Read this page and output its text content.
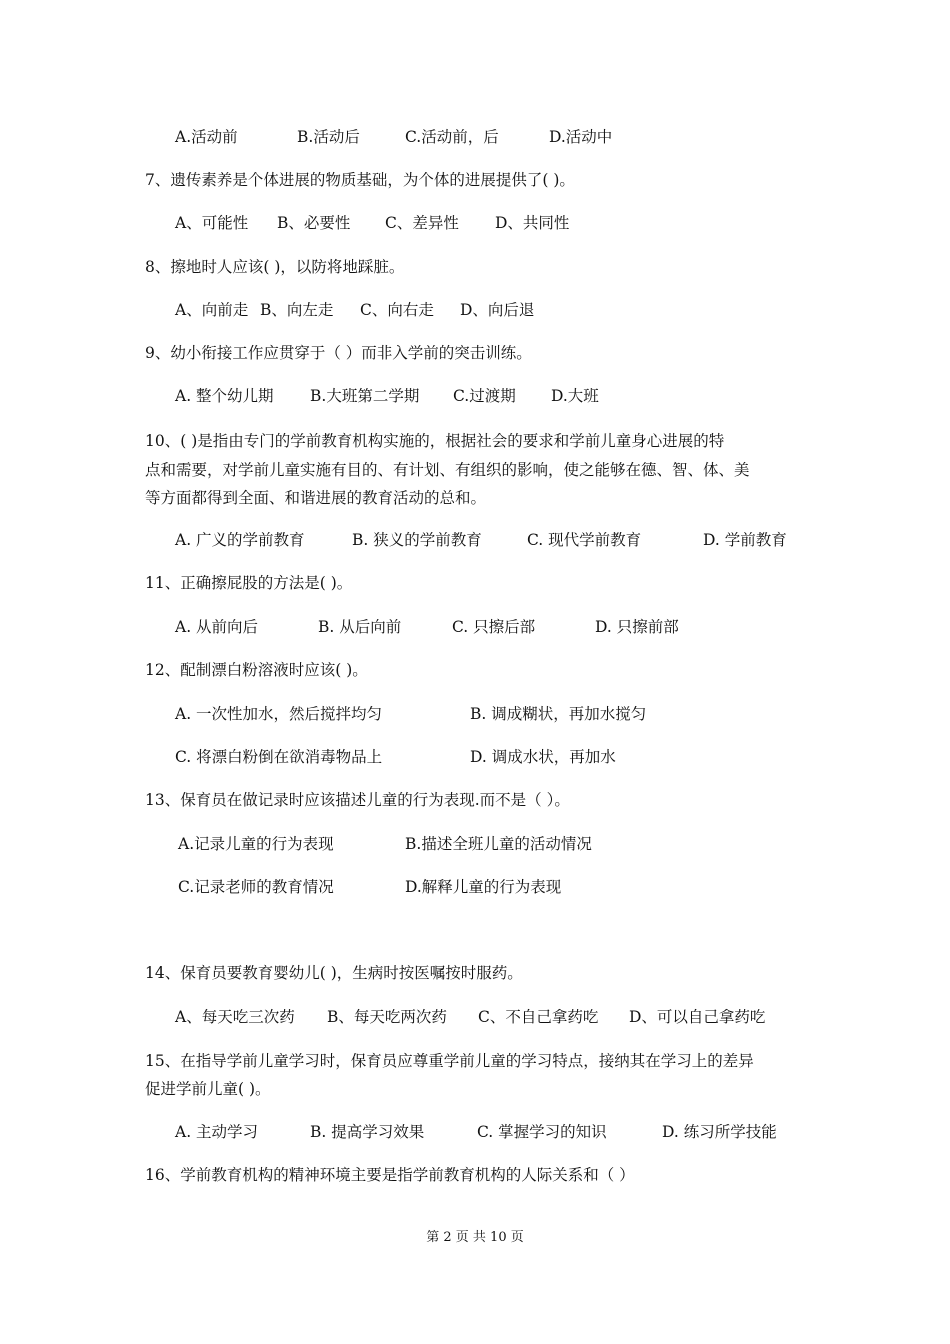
A.活动前	B.活动后	C.活动前，后	D.活动中
7、遗传素养是个体进展的物质基础，为个体的进展提供了( )。
A、可能性 B、必要性 C、差异性 D、共同性
8、擦地时人应该( )，以防将地踩脏。
A、向前走 B、向左走 C、向右走 D、向后退
9、幼小衔接工作应贯穿于（ ）而非入学前的突击训练。
A. 整个幼儿期 B.大班第二学期 C.过渡期 D.大班
10、( )是指由专门的学前教育机构实施的，根据社会的要求和学前儿童身心进展的特
点和需要，对学前儿童实施有目的、有计划、有组织的影响，使之能够在德、智、体、美
等方面都得到全面、和谐进展的教育活动的总和。
A. 广义的学前教育	B. 狭义的学前教育	C. 现代学前教育	D. 学前教育
11、正确擦屁股的方法是( )。
A. 从前向后	B. 从后向前	C. 只擦后部	D. 只擦前部
12、配制漂白粉溶液时应该( )。
A. 一次性加水，然后搅拌均匀	B. 调成糊状，再加水搅匀
C. 将漂白粉倒在欲消毒物品上	D. 调成水状，再加水
13、保育员在做记录时应该描述儿童的行为表现.而不是（ ）。
A.记录儿童的行为表现	B.描述全班儿童的活动情况
C.记录老师的教育情况	D.解释儿童的行为表现
14、保育员要教育婴幼儿( )，生病时按医嘱按时服药。
A、每天吃三次药 B、每天吃两次药 C、不自己拿药吃 D、可以自己拿药吃
15、在指导学前儿童学习时，保育员应尊重学前儿童的学习特点，接纳其在学习上的差异
促进学前儿童( )。
A. 主动学习	B. 提高学习效果	C. 掌握学习的知识	D. 练习所学技能
16、学前教育机构的精神环境主要是指学前教育机构的人际关系和（ ）
第 2 页 共 10 页
